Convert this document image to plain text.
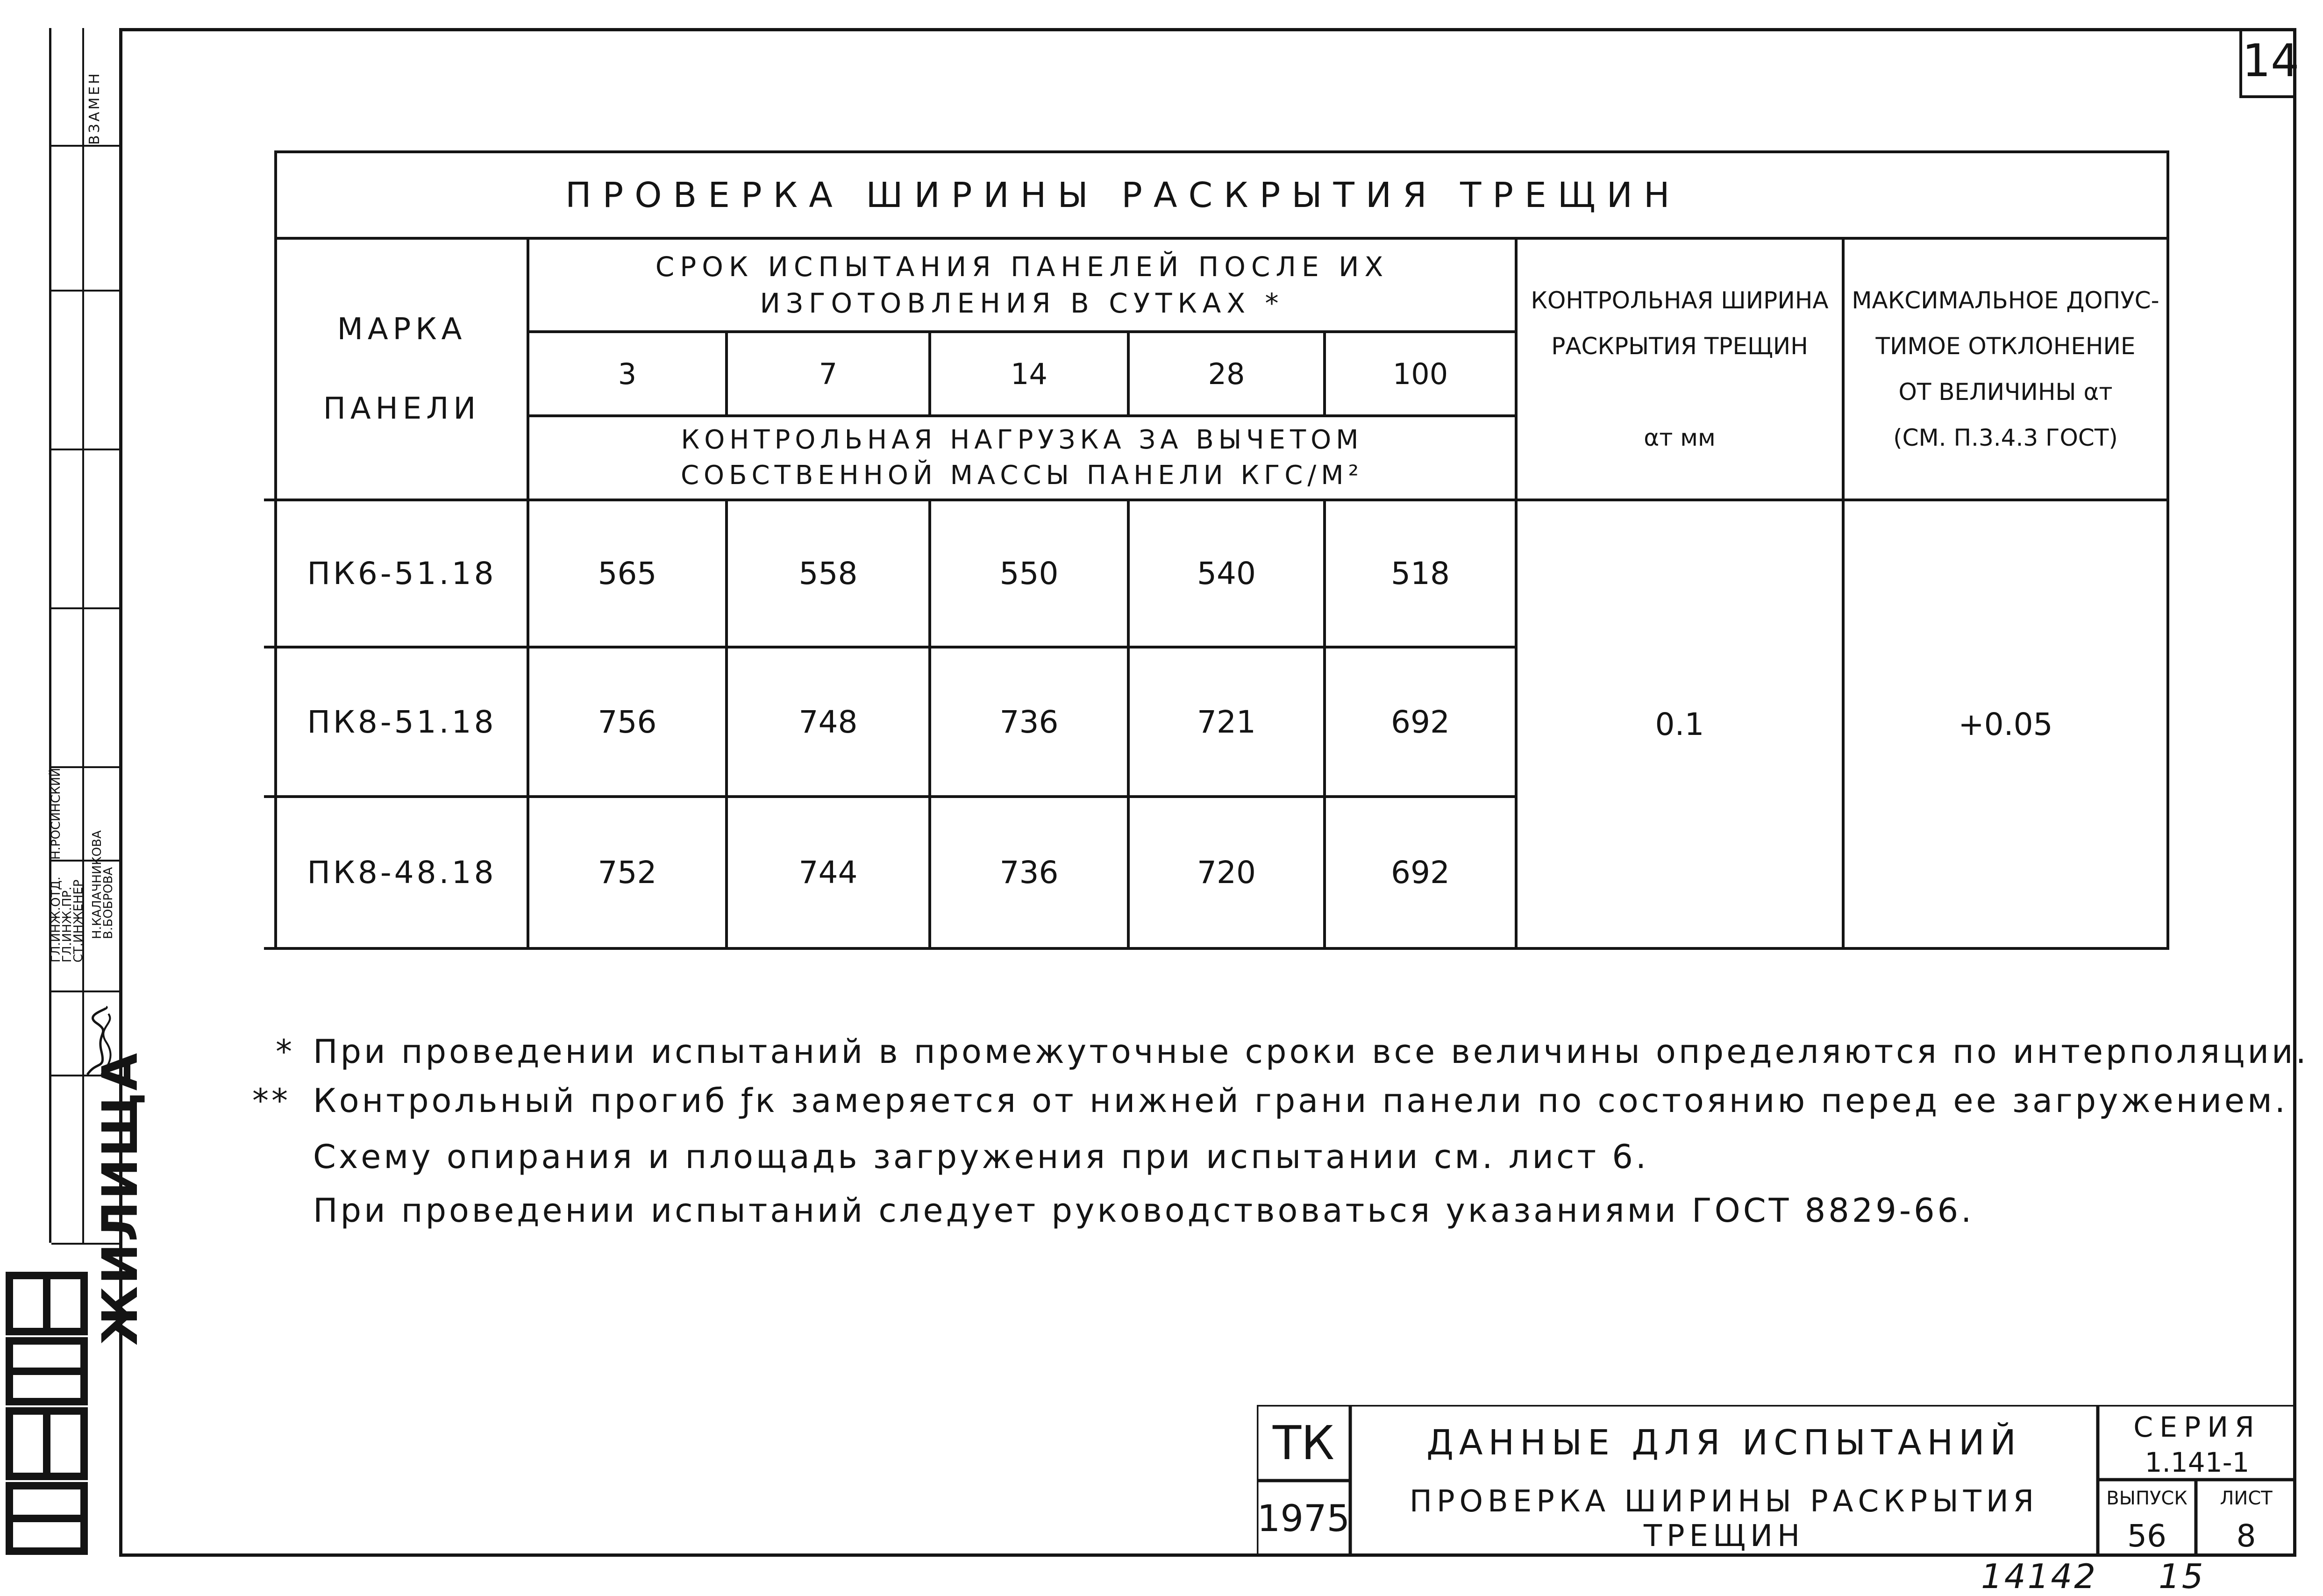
ВЗАМЕН
ГЛ.ИНЖ.ОТД.
ГЛ.ИНЖ.ПР.
СТ.ИНЖЕНЕР
Н.РОСИНСКИЙ
Н.КАЛАЧНИКОВА
В.БОБРОВА
ЖИЛИЩА
14
ПРОВЕРКА ШИРИНЫ РАСКРЫТИЯ ТРЕЩИН
МАРКА
ПАНЕЛИ
СРОК ИСПЫТАНИЯ ПАНЕЛЕЙ ПОСЛЕ ИХ
ИЗГОТОВЛЕНИЯ В СУТКАХ *
3	7	14	28	100
КОНТРОЛЬНАЯ НАГРУЗКА ЗА ВЫЧЕТОМ
СОБСТВЕННОЙ МАССЫ ПАНЕЛИ КГС/М²
КОНТРОЛЬНАЯ ШИРИНА
РАСКРЫТИЯ ТРЕЩИН

αт мм
МАКСИМАЛЬНОЕ ДОПУС-
ТИМОЕ ОТКЛОНЕНИЕ
ОТ ВЕЛИЧИНЫ αт
(СМ. П.3.4.3 ГОСТ)
ПК6-51.18	565	558	550	540	518
ПК8-51.18	756	748	736	721	692
ПК8-48.18	752	744	736	720	692
0.1	+0.05
* При проведении испытаний в промежуточные сроки все величины определяются по интерполяции.
** Контрольный прогиб ƒк замеряется от нижней грани панели по состоянию перед ее загружением.
Схему опирания и площадь загружения при испытании см. лист 6.
При проведении испытаний следует руководствоваться указаниями ГОСТ 8829-66.
ТК
1975
ДАННЫЕ ДЛЯ ИСПЫТАНИЙ
ПРОВЕРКА ШИРИНЫ РАСКРЫТИЯ ТРЕЩИН
СЕРИЯ
1.141-1
ВЫПУСК
56
ЛИСТ
8
14142 15
